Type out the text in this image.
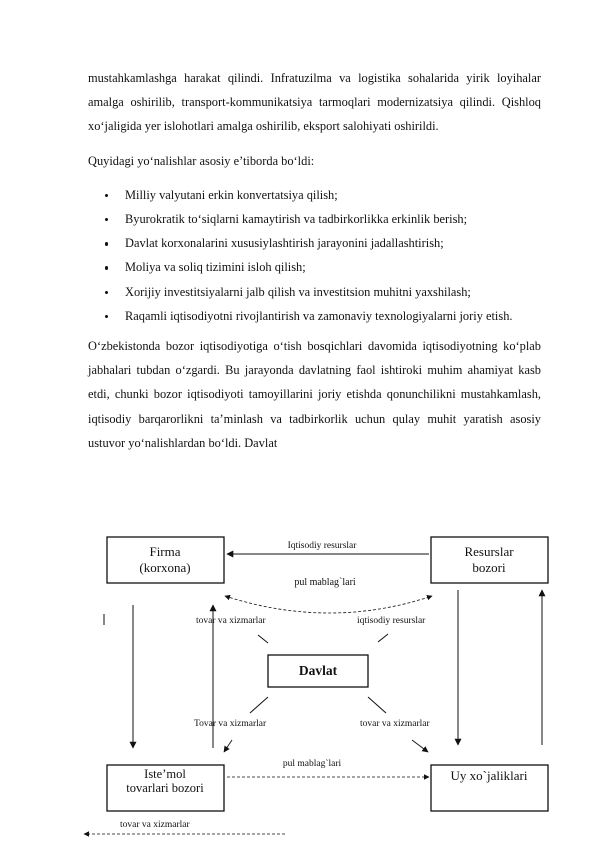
mustahkamlashga harakat qilindi. Infratuzilma va logistika sohalarida yirik loyihalar amalga oshirilib, transport-kommunikatsiya tarmoqlari modernizatsiya qilindi. Qishloq xo‘jaligida yer islohotlari amalga oshirilib, eksport salohiyati oshirildi.

Quyidagi yo‘nalishlar asosiy e’tiborda bo‘ldi:

Milliy valyutani erkin konvertatsiya qilish;
Byurokratik to‘siqlarni kamaytirish va tadbirkorlikka erkinlik berish;
Davlat korxonalarini xususiylashtirish jarayonini jadallashtirish;
Moliya va soliq tizimini isloh qilish;
Xorijiy investitsiyalarni jalb qilish va investitsion muhitni yaxshilash;
Raqamli iqtisodiyotni rivojlantirish va zamonaviy texnologiyalarni joriy etish.

O‘zbekistonda bozor iqtisodiyotiga o‘tish bosqichlari davomida iqtisodiyotning ko‘plab jabhalari tubdan o‘zgardi. Bu jarayonda davlatning faol ishtiroki muhim ahamiyat kasb etdi, chunki bozor iqtisodiyoti tamoyillarini joriy etishda qonunchilikni mustahkamlash, iqtisodiy barqarorlikni ta’minlash va tadbirkorlik uchun qulay muhit yaratish asosiy ustuvor yo‘nalishlardan bo‘ldi. Davlat

Firma
(korxona)
Resurslar
bozori
Davlat
Iste’mol
tovarlari bozori
Uy xo`jaliklari
Iqtisodiy resurslar
pul mablag`lari
tovar va xizmarlar	iqtisodiy resurslar
Tovar va xizmarlar	tovar va xizmarlar
pul mablag`lari
tovar va xizmarlar
